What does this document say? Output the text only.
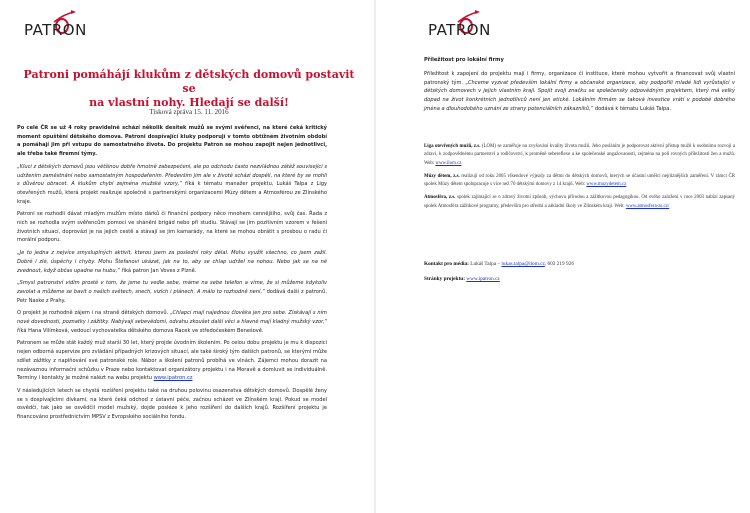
PATRON
Patroni pomáhájí klukům z dětských domovů postavit se
na vlastní nohy. Hledají se další!
Tisková zpráva 15. 11. 2016

Po celé ČR se už 4 roky pravidelně schází několik desítek mužů se svými svěřenci, na které čeká kritický moment opuštění dětského domova. Patroni dospívající kluky podporují v tomto obtížném životním období a pomáhají jim při vstupu do samostatného života. Do projektu Patron se mohou zapojit nejen jednotlivci, ale třeba také firemní týmy.

„Kluci z dětských domovů jsou většinou dobře hmotně zabezpečeni, ale po odchodu často nezvládnou zátěž související s udržením zaměstnání nebo samostatným hospodařením. Především jim ale v životě schází dospělí, na které by se mohli s důvěrou obracet. A klukům chybí zejména mužské vzory,“ říká k tématu manažer projektu, Lukáš Talpa z Ligy otevřených mužů, která projekt realizuje společně s partnerskými organizacemi Múzy dětem a Atmosférou ze Zlínského kraje.

Patroni se rozhodli dávat mladým mužům místo dárků či finanční podpory něco mnohem cennějšího, svůj čas. Řada z nich se rozhodla svým svěřencům pomoci ve shánění brigád nebo při studiu. Stávají se jim pozitivním vzorem v řešení životních situací, doprovází je na jejich cestě a stávají se jim kamarády, na které se mohou obrátit s prosbou o radu či morální podporu.

„Je to jedna z nejvíce smysluplných aktivit, kterou jsem za poslední roky dělal. Mohu využít všechno, co jsem zažil. Dobré i zlé, úspěchy i chyby. Mohu Štefanovi ukázat, jak na to, aby se chlap udržel na nohou. Nebo jak se na ně zvednout, když občas upadne na hubu,“ říká patron Jan Voves z Plzně.

„Smysl patronství vidím prostě v tom, že jsme tu vedle sebe, máme na sebe telefon a víme, že si můžeme kdykoliv zavolat a můžeme se bavit o našich světech, snech, vizích i plánech. A málo to rozhodně není,“ dodává další z patronů, Petr Naske z Prahy.

O projekt je rozhodně zájem i na straně dětských domovů. „Chlapci mají najednou člověka jen pro sebe. Získávají s ním nové dovednosti, poznatky i zážitky. Nabývají sebevědomí, odvahu zkoušet další věci a hlavně mají kladný mužský vzor,“ říká Hana Vilímková, vedoucí vychovatelka dětského domova Racek ve středočeském Benešově.

Patronem se může stát každý muž starší 30 let, který projde úvodním školením. Po celou dobu projektu je mu k dispozici nejen odborná supervize pro zvládání případných krizových situací, ale také široký tým dalších patronů, se kterými může sdílet zážitky z naplňování své patronské role. Nábor a školení patronů probíhá ve vlnách. Zájemci mohou dorazit na nezávaznou informační schůzku v Praze nebo kontaktovat organizátory projektu i na Moravě a domluvit se individuálně. Termíny i kontakty je možné nalézt na webu projektu www.ipatron.cz

V následujících letech se chystá rozšíření projektu také na druhou polovinu osazenstva dětských domovů. Dospělé ženy se s dospívajícími dívkami, na které čeká odchod z ústavní péče, začnou scházet ve Zlínském kraji. Pokud se model osvědčí, tak jako se osvědčil model mužský, dojde posléze k jeho rozšíření do dalších krajů. Rozšíření projektu je financováno prostřednictvím MPSV z Evropského sociálního fondu.

PATRON

Příležitost pro lokální firmy

Příležitost k zapojení do projektu mají i firmy, organizace či instituce, které mohou vytvořit a financovat svůj vlastní patronský tým. „Chceme vyzvat především lokální firmy a občanské organizace, aby podpořili mladé lidi vyrůstající v dětských domovech v jejich vlastním kraji. Spojit svoji značku se společensky odpovědným projektem, který má velký dopad na život konkrétních jednotlivců není jen etické. Lokálním firmám se taková investice vrátí v podobě dobrého jména a dlouhodobého uznání ze strany potenciálních zákazníků,“ dodává k tématu Lukáš Talpa.

Liga otevřených mužů, z.s. (LOM) se zaměřuje na zvyšování kvality života mužů. Jeho posláním je podporovat aktivní přístup mužů k osobnímu rozvoji a zdraví, k zodpovědnému partnerství a rodičovství, k proměně sebereflexe a ke společenské angažovanosti, zejména na poli rovných příležitostí žen a mužů. Web: www.ilom.cz

Múzy dětem, z.s. realizují od roku 2005 víkendové výjezdy za dětmi do dětských domovů, kterých se účastní umělci nejrůznějších zaměření. V rámci ČR spolek Múzy dětem spolupracuje s více než 70 dětskými domovy z 14 krajů. Web: www.muzydetem.cz

Atmosféra, z.s. spolek zajímající se o zdravý životní způsob, výchovu přírodou a zážitkovou pedagogikou. Od svého založení v roce 2003 nabízí zapsaný spolek Atmosféra zážitkové programy, především pro střední a základní školy ve Zlínském kraji. Web: www.atmosfera-zs.cz/

Kontakt pro média: Lukáš Talpa – lukas.talpa@ilom.cz, 603 219 926

Stránky projektu: www.ipatron.cz
